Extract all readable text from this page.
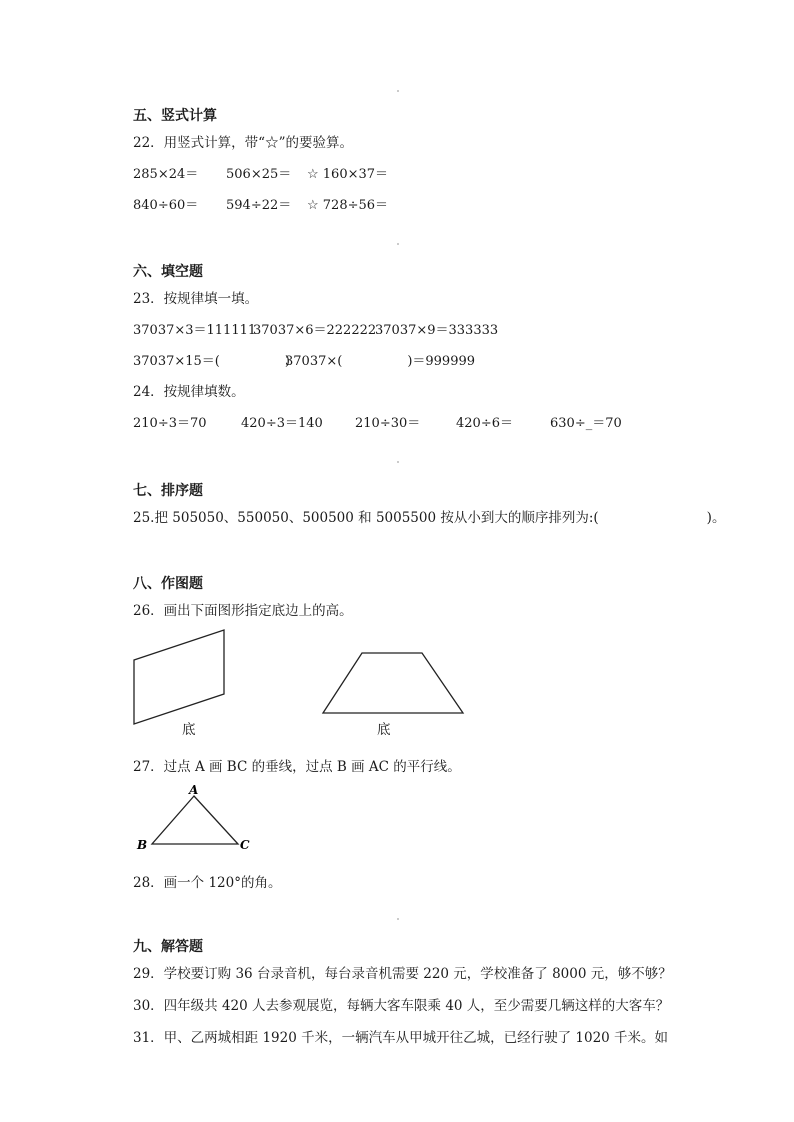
五、竖式计算
22．用竖式计算，带“☆”的要验算。
285×24＝ 506×25＝ ☆ 160×37＝
840÷60＝ 594÷22＝ ☆ 728÷56＝
六、填空题
23．按规律填一填。
37037×3＝111111
37037×6＝222222
37037×9＝333333
37037×15＝(　　　　　)
37037×(　　　　　)＝999999
24．按规律填数。
210÷3＝70	420÷3＝140 210÷30＝	420÷6＝	630÷_＝70
七、排序题
25.把 505050、550050、500500 和 5005500 按从小到大的顺序排列为:(　　　　　　　　)。
八、作图题
26．画出下面图形指定底边上的高。
底	底
27．过点 A 画 BC 的垂线，过点 B 画 AC 的平行线。
A
B	C
28．画一个 120°的角。
九、解答题
29．学校要订购 36 台录音机，每台录音机需要 220 元，学校准备了 8000 元，够不够？
30．四年级共 420 人去参观展览，每辆大客车限乘 40 人，至少需要几辆这样的大客车？
31．甲、乙两城相距 1920 千米，一辆汽车从甲城开往乙城，已经行驶了 1020 千米。如
